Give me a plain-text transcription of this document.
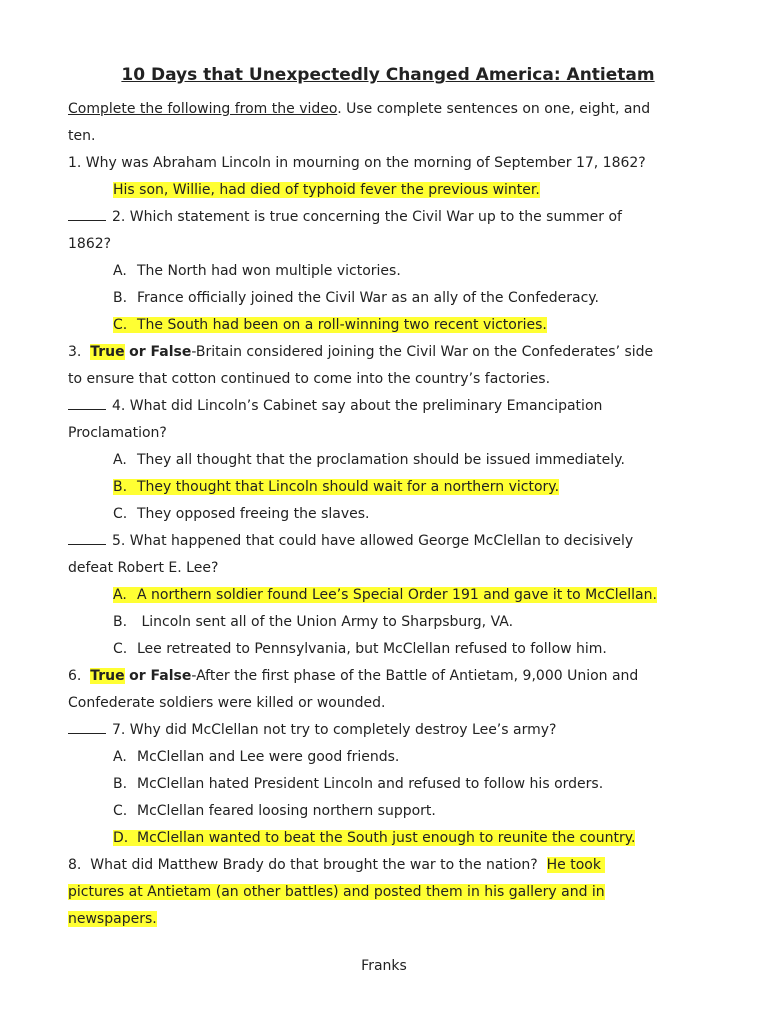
10 Days that Unexpectedly Changed America: Antietam
Complete the following from the video. Use complete sentences on one, eight, and
ten.
1. Why was Abraham Lincoln in mourning on the morning of September 17, 1862?
His son, Willie, had died of typhoid fever the previous winter.
2. Which statement is true concerning the Civil War up to the summer of
1862?
A. The North had won multiple victories.
B. France officially joined the Civil War as an ally of the Confederacy.
C. The South had been on a roll-winning two recent victories.
3. True or False-Britain considered joining the Civil War on the Confederates’ side
to ensure that cotton continued to come into the country’s factories.
4. What did Lincoln’s Cabinet say about the preliminary Emancipation
Proclamation?
A. They all thought that the proclamation should be issued immediately.
B. They thought that Lincoln should wait for a northern victory.
C. They opposed freeing the slaves.
5. What happened that could have allowed George McClellan to decisively
defeat Robert E. Lee?
A. A northern soldier found Lee’s Special Order 191 and gave it to McClellan.
B. Lincoln sent all of the Union Army to Sharpsburg, VA.
C. Lee retreated to Pennsylvania, but McClellan refused to follow him.
6. True or False-After the first phase of the Battle of Antietam, 9,000 Union and
Confederate soldiers were killed or wounded.
7. Why did McClellan not try to completely destroy Lee’s army?
A. McClellan and Lee were good friends.
B. McClellan hated President Lincoln and refused to follow his orders.
C. McClellan feared loosing northern support.
D. McClellan wanted to beat the South just enough to reunite the country.
8.  What did Matthew Brady do that brought the war to the nation?  He took
pictures at Antietam (an other battles) and posted them in his gallery and in
newspapers.
Franks
